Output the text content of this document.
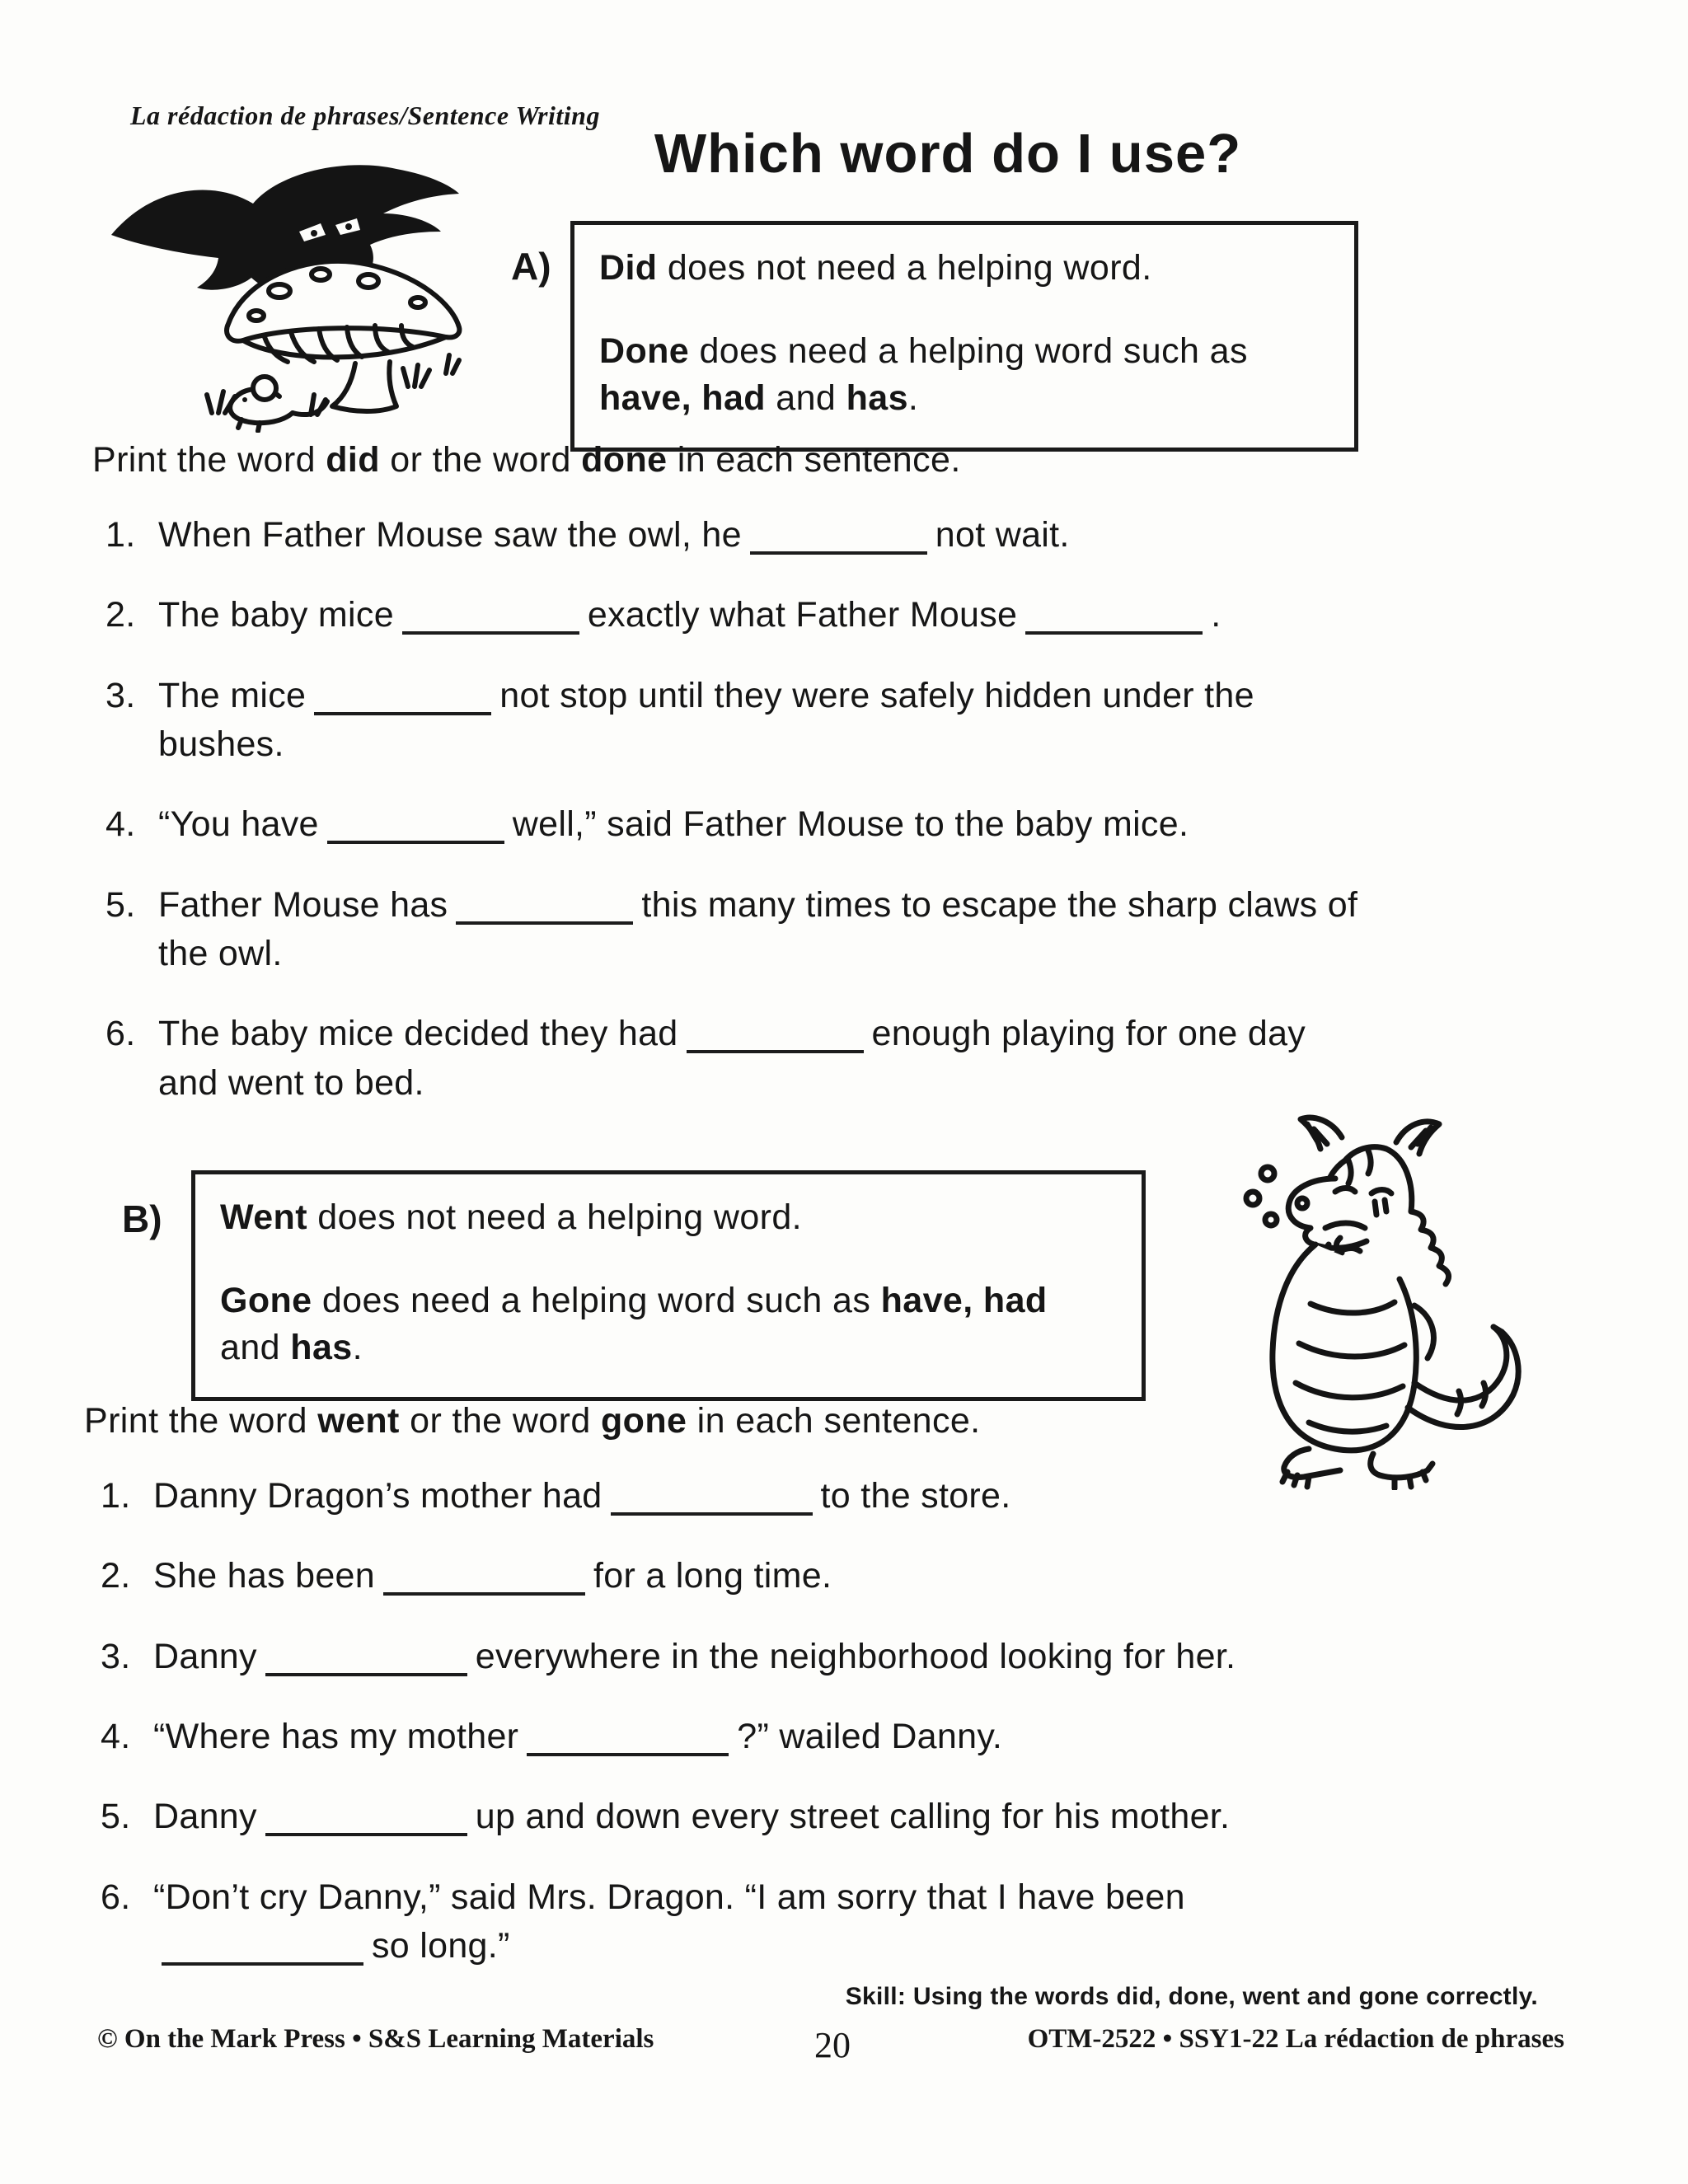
La rédaction de phrases/Sentence Writing
Which word do I use?
A) Did does not need a helping word.

Done does need a helping word such as
have, had and has.

Print the word did or the word done in each sentence.
1. When Father Mouse saw the owl, he	not wait.
2. The baby mice	exactly what Father Mouse	.
3. The mice	not stop until they were safely hidden under the
bushes.
4. “You have	well,” said Father Mouse to the baby mice.
5. Father Mouse has	this many times to escape the sharp claws of
the owl.
6. The baby mice decided they had	enough playing for one day
and went to bed.
B) Went does not need a helping word.

Gone does need a helping word such as have, had
and has.

Print the word went or the word gone in each sentence.
1. Danny Dragon’s mother had	to the store.
2. She has been	for a long time.
3. Danny	everywhere in the neighborhood looking for her.
4. “Where has my mother	?” wailed Danny.
5. Danny	up and down every street calling for his mother.
6. “Don’t cry Danny,” said Mrs. Dragon. “I am sorry that I have been
so long.”
Skill: Using the words did, done, went and gone correctly.
© On the Mark Press • S&S Learning Materials	20	OTM-2522 • SSY1-22 La rédaction de phrases
